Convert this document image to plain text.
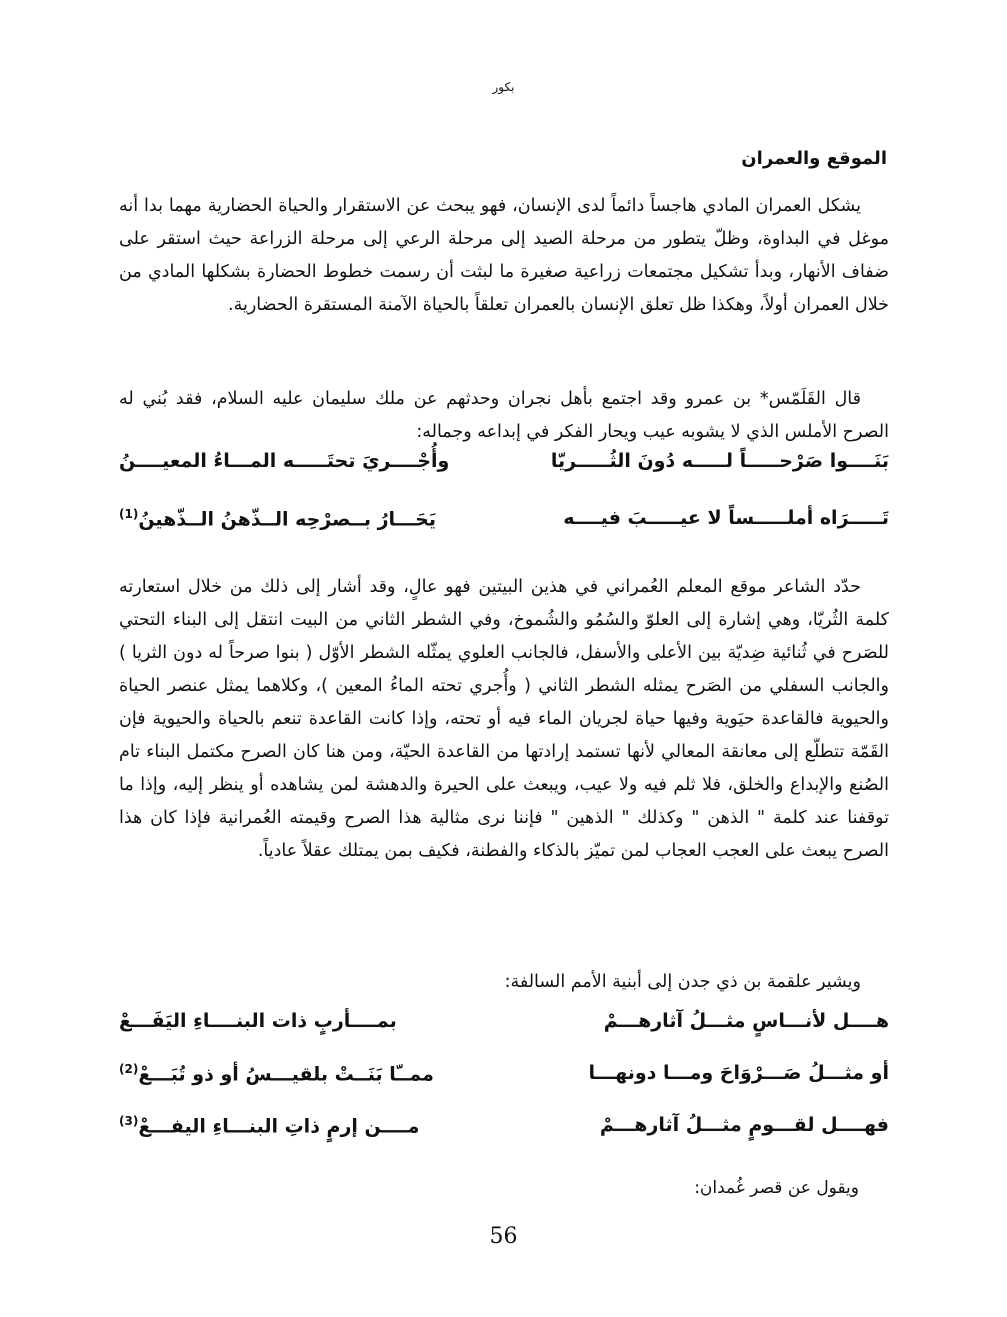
بكور
الموقع والعمران

يشكل العمران المادي هاجساً دائماً لدى الإنسان، فهو يبحث عن الاستقرار والحياة الحضارية مهما بدا أنه موغل في البداوة، وظلّ يتطور من مرحلة الصيد إلى مرحلة الرعي إلى مرحلة الزراعة حيث استقر على ضفاف الأنهار، وبدأ تشكيل مجتمعات زراعية صغيرة ما لبثت أن رسمت خطوط الحضارة بشكلها المادي من خلال العمران أولاً، وهكذا ظل تعلق الإنسان بالعمران تعلقاً بالحياة الآمنة المستقرة الحضارية.

قال القَلَمّس* بن عمرو وقد اجتمع بأهل نجران وحدثهم عن ملك سليمان عليه السلام، فقد بُني له الصرح الأملس الذي لا يشوبه عيب ويحار الفكر في إبداعه وجماله:

بَنَــــوا صَرْحـــــاً لـــــه دُونَ الثُـــــريّا
وأُجْــــريَ تحتَـــــه المـــاءُ المعيــــنُ
تَـــــرَاه أملـــــساً لا عيـــــبَ فيــــه
يَحَـــارُ بــصرْحِه الــذّهنُ الــذّهينُ$^{(1)}$

حدّد الشاعر موقع المعلم العُمراني في هذين البيتين فهو عالٍ، وقد أشار إلى ذلك من خلال استعارته كلمة الثُريّا، وهي إشارة إلى العلوّ والسُمُو والشُموخ، وفي الشطر الثاني من البيت انتقل إلى البناء التحتي للصَرح في ثُنائية ضِديّة بين الأعلى والأسفل، فالجانب العلوي يمثّله الشطر الأوّل ( بنوا صرحاً له دون الثريا ) والجانب السفلي من الصَرح يمثله الشطر الثاني ( وأُجري تحته الماءُ المعين )، وكلاهما يمثل عنصر الحياة والحيوية فالقاعدة حيَوية وفيها حياة لجريان الماء فيه أو تحته، وإذا كانت القاعدة تنعم بالحياة والحيوية فإن القَمّة تتطلّع إلى معانقة المعالي لأنها تستمد إرادتها من القاعدة الحيّة، ومن هنا كان الصرح مكتمل البناء تام الصُنع والإبداع والخلق، فلا ثلم فيه ولا عيب، ويبعث على الحيرة والدهشة لمن يشاهده أو ينظر إليه، وإذا ما توقفنا عند كلمة " الذهن " وكذلك " الذهين " فإننا نرى مثالية هذا الصرح وقيمته العُمرانية فإذا كان هذا الصرح يبعث على العجب العجاب لمن تميّز بالذكاء والفطنة، فكيف بمن يمتلك عقلاً عادياً.

ويشير علقمة بن ذي جدن إلى أبنية الأمم السالفة:

هــــل لأنـــاسٍ مثـــلُ آثارهـــمْ
بمــــأربٍ ذات البنــــاءِ اليَفَـــعْ
أو مثـــلُ صَـــرْوَاحَ ومـــا دونهـــا
ممــّا بَنَــتْ بلقيـــسُ أو ذو تُبَـــعْ$^{(2)}$
فهــــل لقـــومٍ مثـــلُ آثارهـــمْ
مــــن إرمٍ ذاتِ البنـــاءِ اليفـــعْ$^{(3)}$
ويقول عن قصر غُمدان:
56
